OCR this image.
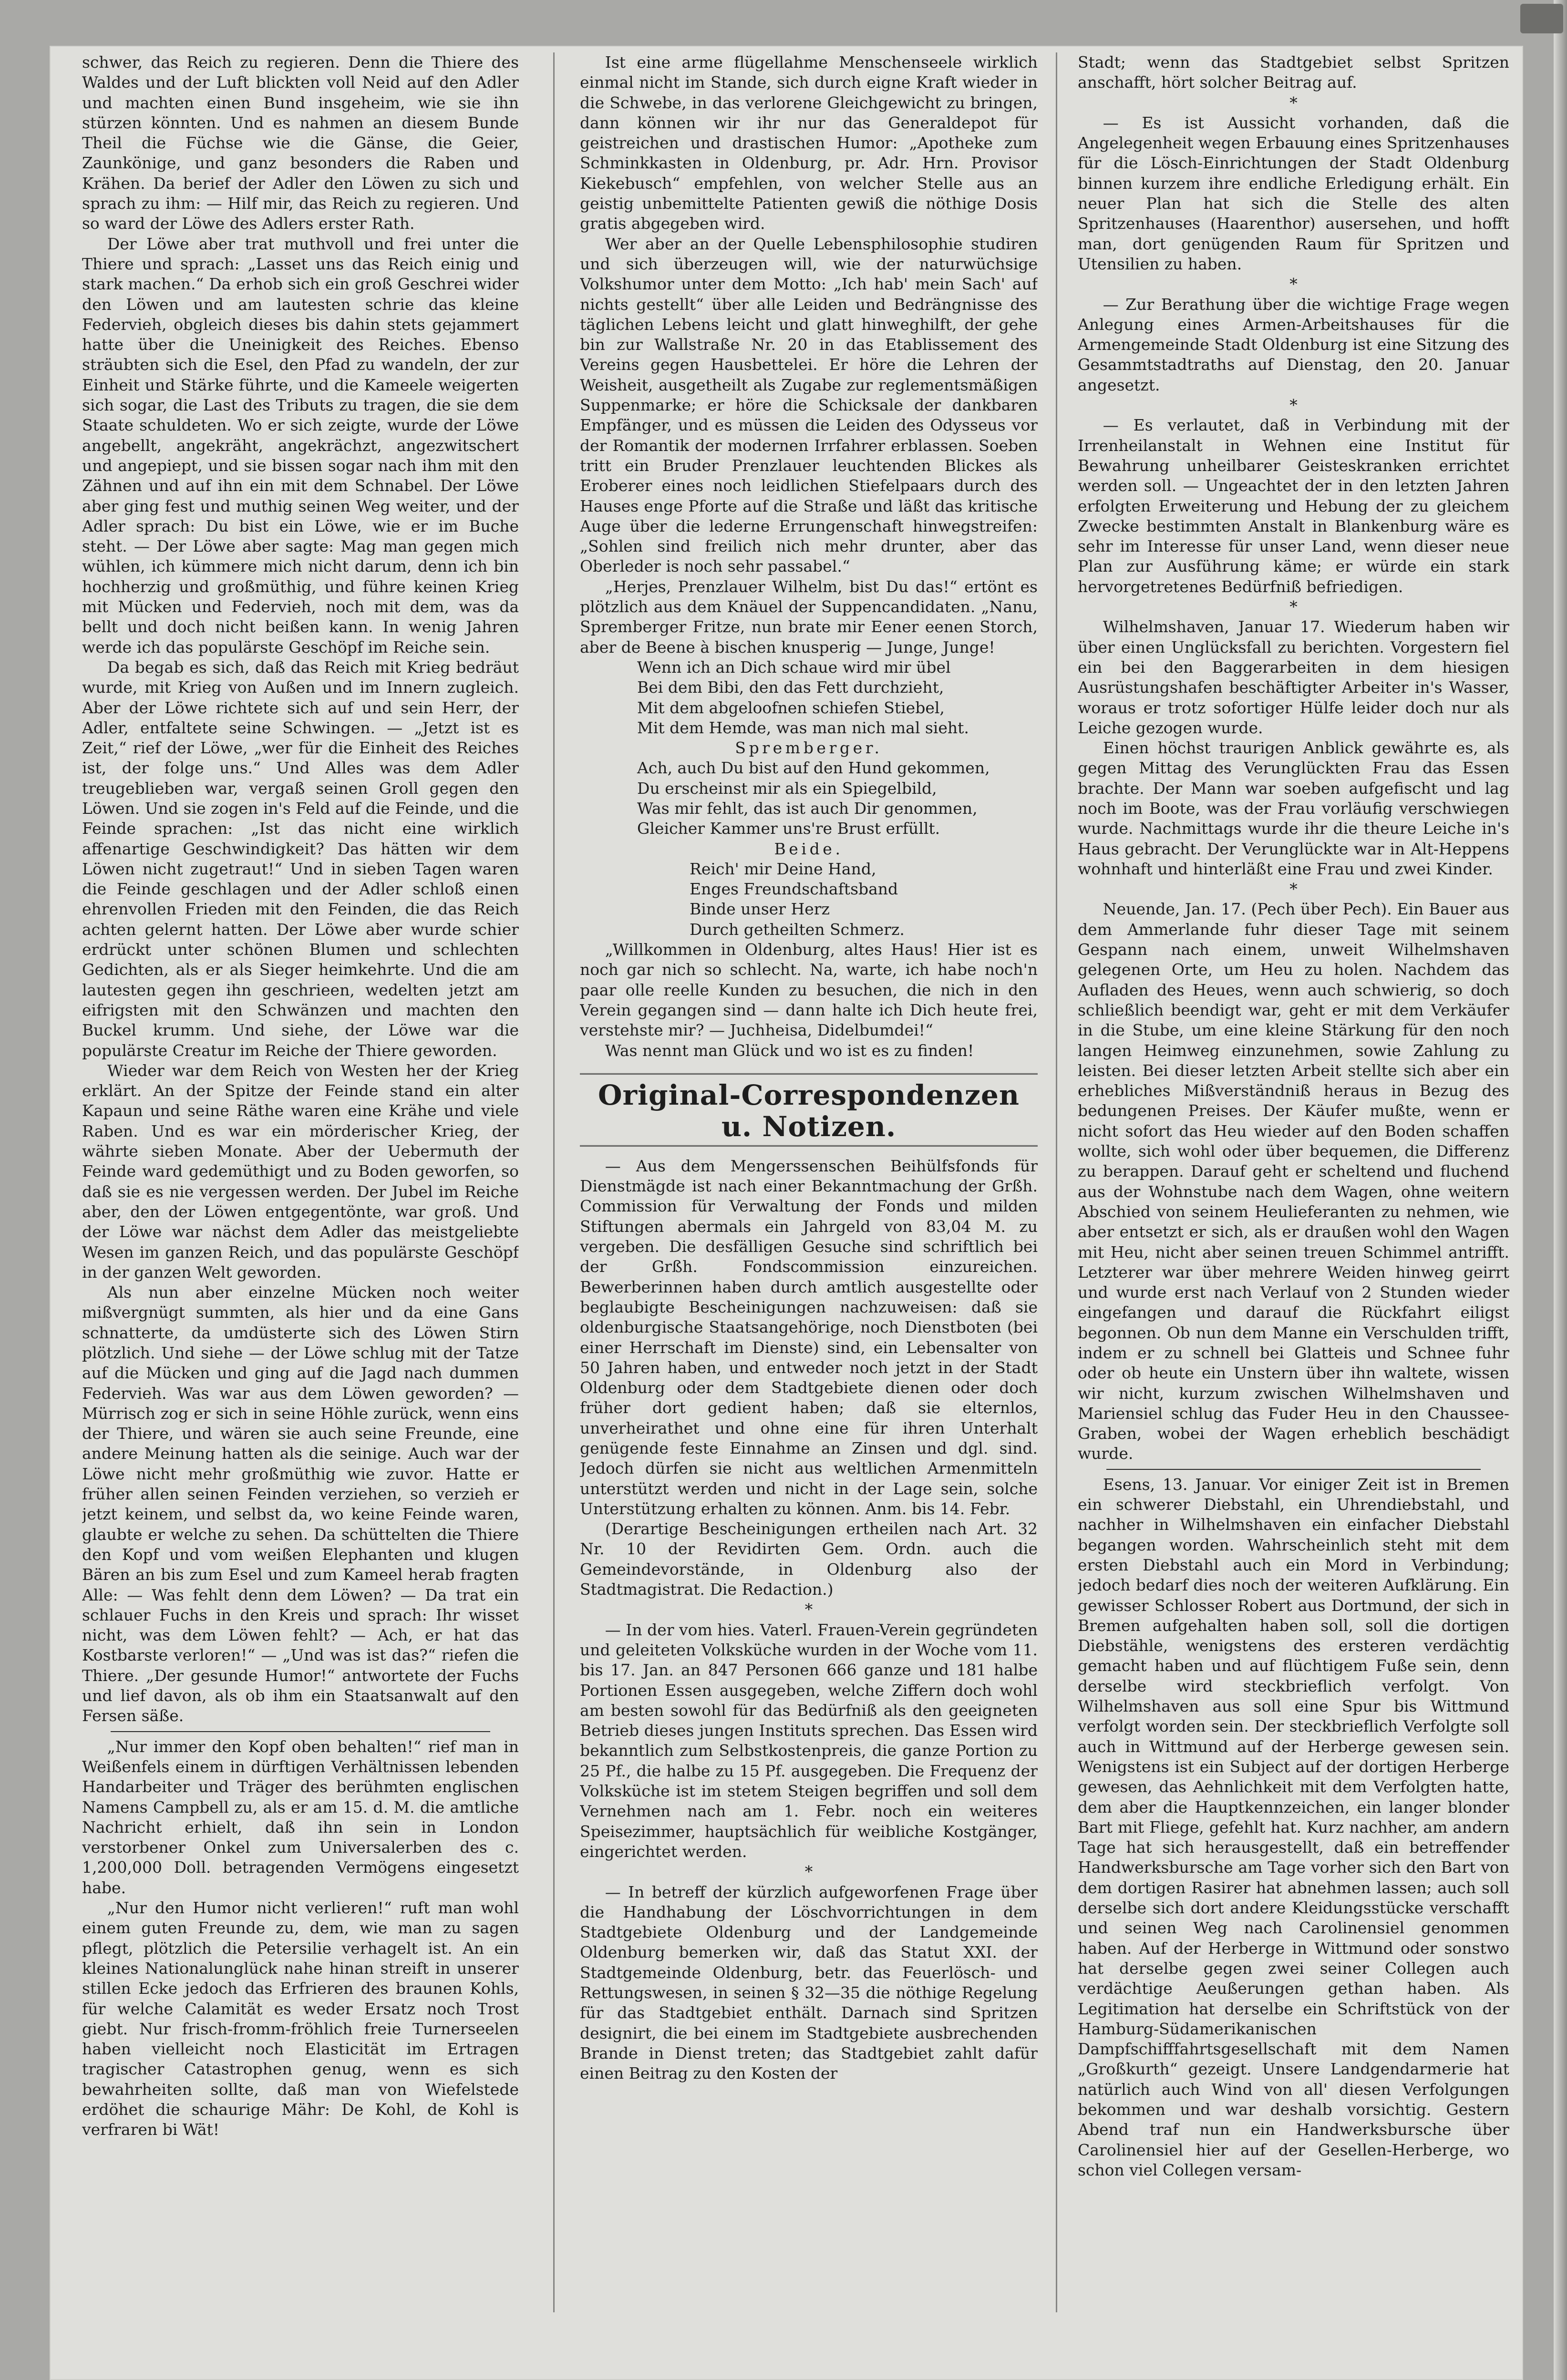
schwer, das Reich zu regieren. Denn die Thiere des Waldes und der Luft blickten voll Neid auf den Adler und machten einen Bund insgeheim, wie sie ihn stürzen könnten. Und es nahmen an diesem Bunde Theil die Füchse wie die Gänse, die Geier, Zaunkönige, und ganz besonders die Raben und Krähen. Da berief der Adler den Löwen zu sich und sprach zu ihm: — Hilf mir, das Reich zu regieren. Und so ward der Löwe des Adlers erster Rath.

Der Löwe aber trat muthvoll und frei unter die Thiere und sprach: „Lasset uns das Reich einig und stark machen.“ Da erhob sich ein groß Geschrei wider den Löwen und am lautesten schrie das kleine Federvieh, obgleich dieses bis dahin stets gejammert hatte über die Uneinigkeit des Reiches. Ebenso sträubten sich die Esel, den Pfad zu wandeln, der zur Einheit und Stärke führte, und die Kameele weigerten sich sogar, die Last des Tributs zu tragen, die sie dem Staate schuldeten. Wo er sich zeigte, wurde der Löwe angebellt, angekräht, angekrächzt, angezwitschert und angepiept, und sie bissen sogar nach ihm mit den Zähnen und auf ihn ein mit dem Schnabel. Der Löwe aber ging fest und muthig seinen Weg weiter, und der Adler sprach: Du bist ein Löwe, wie er im Buche steht. — Der Löwe aber sagte: Mag man gegen mich wühlen, ich kümmere mich nicht darum, denn ich bin hochherzig und großmüthig, und führe keinen Krieg mit Mücken und Federvieh, noch mit dem, was da bellt und doch nicht beißen kann. In wenig Jahren werde ich das populärste Geschöpf im Reiche sein.

Da begab es sich, daß das Reich mit Krieg bedräut wurde, mit Krieg von Außen und im Innern zugleich. Aber der Löwe richtete sich auf und sein Herr, der Adler, entfaltete seine Schwingen. — „Jetzt ist es Zeit,“ rief der Löwe, „wer für die Einheit des Reiches ist, der folge uns.“ Und Alles was dem Adler treugeblieben war, vergaß seinen Groll gegen den Löwen. Und sie zogen in's Feld auf die Feinde, und die Feinde sprachen: „Ist das nicht eine wirklich affenartige Geschwindigkeit? Das hätten wir dem Löwen nicht zugetraut!“ Und in sieben Tagen waren die Feinde geschlagen und der Adler schloß einen ehrenvollen Frieden mit den Feinden, die das Reich achten gelernt hatten. Der Löwe aber wurde schier erdrückt unter schönen Blumen und schlechten Gedichten, als er als Sieger heimkehrte. Und die am lautesten gegen ihn geschrieen, wedelten jetzt am eifrigsten mit den Schwänzen und machten den Buckel krumm. Und siehe, der Löwe war die populärste Creatur im Reiche der Thiere geworden.

Wieder war dem Reich von Westen her der Krieg erklärt. An der Spitze der Feinde stand ein alter Kapaun und seine Räthe waren eine Krähe und viele Raben. Und es war ein mörderischer Krieg, der währte sieben Monate. Aber der Uebermuth der Feinde ward gedemüthigt und zu Boden geworfen, so daß sie es nie vergessen werden. Der Jubel im Reiche aber, den der Löwen entgegentönte, war groß. Und der Löwe war nächst dem Adler das meistgeliebte Wesen im ganzen Reich, und das populärste Geschöpf in der ganzen Welt geworden.

Als nun aber einzelne Mücken noch weiter mißvergnügt summten, als hier und da eine Gans schnatterte, da umdüsterte sich des Löwen Stirn plötzlich. Und siehe — der Löwe schlug mit der Tatze auf die Mücken und ging auf die Jagd nach dummen Federvieh. Was war aus dem Löwen geworden? — Mürrisch zog er sich in seine Höhle zurück, wenn eins der Thiere, und wären sie auch seine Freunde, eine andere Meinung hatten als die seinige. Auch war der Löwe nicht mehr großmüthig wie zuvor. Hatte er früher allen seinen Feinden verziehen, so verzieh er jetzt keinem, und selbst da, wo keine Feinde waren, glaubte er welche zu sehen. Da schüttelten die Thiere den Kopf und vom weißen Elephanten und klugen Bären an bis zum Esel und zum Kameel herab fragten Alle: — Was fehlt denn dem Löwen? — Da trat ein schlauer Fuchs in den Kreis und sprach: Ihr wisset nicht, was dem Löwen fehlt? — Ach, er hat das Kostbarste verloren!“ — „Und was ist das?“ riefen die Thiere. „Der gesunde Humor!“ antwortete der Fuchs und lief davon, als ob ihm ein Staatsanwalt auf den Fersen säße.

„Nur immer den Kopf oben behalten!“ rief man in Weißenfels einem in dürftigen Verhältnissen lebenden Handarbeiter und Träger des berühmten englischen Namens Campbell zu, als er am 15. d. M. die amtliche Nachricht erhielt, daß ihn sein in London verstorbener Onkel zum Universalerben des c. 1,200,000 Doll. betragenden Vermögens eingesetzt habe.

„Nur den Humor nicht verlieren!“ ruft man wohl einem guten Freunde zu, dem, wie man zu sagen pflegt, plötzlich die Petersilie verhagelt ist. An ein kleines Nationalunglück nahe hinan streift in unserer stillen Ecke jedoch das Erfrieren des braunen Kohls, für welche Calamität es weder Ersatz noch Trost giebt. Nur frisch-fromm-fröhlich freie Turnerseelen haben vielleicht noch Elasticität im Ertragen tragischer Catastrophen genug, wenn es sich bewahrheiten sollte, daß man von Wiefelstede erdöhet die schaurige Mähr: De Kohl, de Kohl is verfraren bi Wät!

Ist eine arme flügellahme Menschenseele wirklich einmal nicht im Stande, sich durch eigne Kraft wieder in die Schwebe, in das verlorene Gleichgewicht zu bringen, dann können wir ihr nur das Generaldepot für geistreichen und drastischen Humor: „Apotheke zum Schminkkasten in Oldenburg, pr. Adr. Hrn. Provisor Kiekebusch“ empfehlen, von welcher Stelle aus an geistig unbemittelte Patienten gewiß die nöthige Dosis gratis abgegeben wird.

Wer aber an der Quelle Lebensphilosophie studiren und sich überzeugen will, wie der naturwüchsige Volkshumor unter dem Motto: „Ich hab' mein Sach' auf nichts gestellt“ über alle Leiden und Bedrängnisse des täglichen Lebens leicht und glatt hinweghilft, der gehe bin zur Wallstraße Nr. 20 in das Etablissement des Vereins gegen Hausbettelei. Er höre die Lehren der Weisheit, ausgetheilt als Zugabe zur reglementsmäßigen Suppenmarke; er höre die Schicksale der dankbaren Empfänger, und es müssen die Leiden des Odysseus vor der Romantik der modernen Irrfahrer erblassen. Soeben tritt ein Bruder Prenzlauer leuchtenden Blickes als Eroberer eines noch leidlichen Stiefelpaars durch des Hauses enge Pforte auf die Straße und läßt das kritische Auge über die lederne Errungenschaft hinwegstreifen: „Sohlen sind freilich nich mehr drunter, aber das Oberleder is noch sehr passabel.“

„Herjes, Prenzlauer Wilhelm, bist Du das!“ ertönt es plötzlich aus dem Knäuel der Suppencandidaten. „Nanu, Spremberger Fritze, nun brate mir Eener eenen Storch, aber de Beene à bischen knusperig — Junge, Junge!

Wenn ich an Dich schaue wird mir übel
Bei dem Bibi, den das Fett durchzieht,
Mit dem abgeloofnen schiefen Stiebel,
Mit dem Hemde, was man nich mal sieht.
Spremberger.
Ach, auch Du bist auf den Hund gekommen,
Du erscheinst mir als ein Spiegelbild,
Was mir fehlt, das ist auch Dir genommen,
Gleicher Kammer uns're Brust erfüllt.
Beide.
Reich' mir Deine Hand,
Enges Freundschaftsband
Binde unser Herz
Durch getheilten Schmerz.

„Willkommen in Oldenburg, altes Haus! Hier ist es noch gar nich so schlecht. Na, warte, ich habe noch'n paar olle reelle Kunden zu besuchen, die nich in den Verein gegangen sind — dann halte ich Dich heute frei, verstehste mir? — Juchheisa, Didelbumdei!“

Was nennt man Glück und wo ist es zu finden!

Original-Correspondenzen u. Notizen.

— Aus dem Mengerssenschen Beihülfsfonds für Dienstmägde ist nach einer Bekanntmachung der Grßh. Commission für Verwaltung der Fonds und milden Stiftungen abermals ein Jahrgeld von 83,04 M. zu vergeben. Die desfälligen Gesuche sind schriftlich bei der Grßh. Fondscommission einzureichen. Bewerberinnen haben durch amtlich ausgestellte oder beglaubigte Bescheinigungen nachzuweisen: daß sie oldenburgische Staatsangehörige, noch Dienstboten (bei einer Herrschaft im Dienste) sind, ein Lebensalter von 50 Jahren haben, und entweder noch jetzt in der Stadt Oldenburg oder dem Stadtgebiete dienen oder doch früher dort gedient haben; daß sie elternlos, unverheirathet und ohne eine für ihren Unterhalt genügende feste Einnahme an Zinsen und dgl. sind. Jedoch dürfen sie nicht aus weltlichen Armenmitteln unterstützt werden und nicht in der Lage sein, solche Unterstützung erhalten zu können. Anm. bis 14. Febr.

(Derartige Bescheinigungen ertheilen nach Art. 32 Nr. 10 der Revidirten Gem. Ordn. auch die Gemeindevorstände, in Oldenburg also der Stadtmagistrat. Die Redaction.)

*

— In der vom hies. Vaterl. Frauen-Verein gegründeten und geleiteten Volksküche wurden in der Woche vom 11. bis 17. Jan. an 847 Personen 666 ganze und 181 halbe Portionen Essen ausgegeben, welche Ziffern doch wohl am besten sowohl für das Bedürfniß als den geeigneten Betrieb dieses jungen Instituts sprechen. Das Essen wird bekanntlich zum Selbstkostenpreis, die ganze Portion zu 25 Pf., die halbe zu 15 Pf. ausgegeben. Die Frequenz der Volksküche ist im stetem Steigen begriffen und soll dem Vernehmen nach am 1. Febr. noch ein weiteres Speisezimmer, hauptsächlich für weibliche Kostgänger, eingerichtet werden.

*

— In betreff der kürzlich aufgeworfenen Frage über die Handhabung der Löschvorrichtungen in dem Stadtgebiete Oldenburg und der Landgemeinde Oldenburg bemerken wir, daß das Statut XXI. der Stadtgemeinde Oldenburg, betr. das Feuerlösch- und Rettungswesen, in seinen § 32—35 die nöthige Regelung für das Stadtgebiet enthält. Darnach sind Spritzen designirt, die bei einem im Stadtgebiete ausbrechenden Brande in Dienst treten; das Stadtgebiet zahlt dafür einen Beitrag zu den Kosten der

Stadt; wenn das Stadtgebiet selbst Spritzen anschafft, hört solcher Beitrag auf.

*

— Es ist Aussicht vorhanden, daß die Angelegenheit wegen Erbauung eines Spritzenhauses für die Lösch-Einrichtungen der Stadt Oldenburg binnen kurzem ihre endliche Erledigung erhält. Ein neuer Plan hat sich die Stelle des alten Spritzenhauses (Haarenthor) ausersehen, und hofft man, dort genügenden Raum für Spritzen und Utensilien zu haben.

*

— Zur Berathung über die wichtige Frage wegen Anlegung eines Armen-Arbeitshauses für die Armengemeinde Stadt Oldenburg ist eine Sitzung des Gesammtstadtraths auf Dienstag, den 20. Januar angesetzt.

*

— Es verlautet, daß in Verbindung mit der Irrenheilanstalt in Wehnen eine Institut für Bewahrung unheilbarer Geisteskranken errichtet werden soll. — Ungeachtet der in den letzten Jahren erfolgten Erweiterung und Hebung der zu gleichem Zwecke bestimmten Anstalt in Blankenburg wäre es sehr im Interesse für unser Land, wenn dieser neue Plan zur Ausführung käme; er würde ein stark hervorgetretenes Bedürfniß befriedigen.

*

Wilhelmshaven, Januar 17. Wiederum haben wir über einen Unglücksfall zu berichten. Vorgestern fiel ein bei den Baggerarbeiten in dem hiesigen Ausrüstungshafen beschäftigter Arbeiter in's Wasser, woraus er trotz sofortiger Hülfe leider doch nur als Leiche gezogen wurde.

Einen höchst traurigen Anblick gewährte es, als gegen Mittag des Verunglückten Frau das Essen brachte. Der Mann war soeben aufgefischt und lag noch im Boote, was der Frau vorläufig verschwiegen wurde. Nachmittags wurde ihr die theure Leiche in's Haus gebracht. Der Verunglückte war in Alt-Heppens wohnhaft und hinterläßt eine Frau und zwei Kinder.

*

Neuende, Jan. 17. (Pech über Pech). Ein Bauer aus dem Ammerlande fuhr dieser Tage mit seinem Gespann nach einem, unweit Wilhelmshaven gelegenen Orte, um Heu zu holen. Nachdem das Aufladen des Heues, wenn auch schwierig, so doch schließlich beendigt war, geht er mit dem Verkäufer in die Stube, um eine kleine Stärkung für den noch langen Heimweg einzunehmen, sowie Zahlung zu leisten. Bei dieser letzten Arbeit stellte sich aber ein erhebliches Mißverständniß heraus in Bezug des bedungenen Preises. Der Käufer mußte, wenn er nicht sofort das Heu wieder auf den Boden schaffen wollte, sich wohl oder über bequemen, die Differenz zu berappen. Darauf geht er scheltend und fluchend aus der Wohnstube nach dem Wagen, ohne weitern Abschied von seinem Heulieferanten zu nehmen, wie aber entsetzt er sich, als er draußen wohl den Wagen mit Heu, nicht aber seinen treuen Schimmel antrifft. Letzterer war über mehrere Weiden hinweg geirrt und wurde erst nach Verlauf von 2 Stunden wieder eingefangen und darauf die Rückfahrt eiligst begonnen. Ob nun dem Manne ein Verschulden trifft, indem er zu schnell bei Glatteis und Schnee fuhr oder ob heute ein Unstern über ihn waltete, wissen wir nicht, kurzum zwischen Wilhelmshaven und Mariensiel schlug das Fuder Heu in den Chaussee-Graben, wobei der Wagen erheblich beschädigt wurde.

Esens, 13. Januar. Vor einiger Zeit ist in Bremen ein schwerer Diebstahl, ein Uhrendiebstahl, und nachher in Wilhelmshaven ein einfacher Diebstahl begangen worden. Wahrscheinlich steht mit dem ersten Diebstahl auch ein Mord in Verbindung; jedoch bedarf dies noch der weiteren Aufklärung. Ein gewisser Schlosser Robert aus Dortmund, der sich in Bremen aufgehalten haben soll, soll die dortigen Diebstähle, wenigstens des ersteren verdächtig gemacht haben und auf flüchtigem Fuße sein, denn derselbe wird steckbrieflich verfolgt. Von Wilhelmshaven aus soll eine Spur bis Wittmund verfolgt worden sein. Der steckbrieflich Verfolgte soll auch in Wittmund auf der Herberge gewesen sein. Wenigstens ist ein Subject auf der dortigen Herberge gewesen, das Aehnlichkeit mit dem Verfolgten hatte, dem aber die Hauptkennzeichen, ein langer blonder Bart mit Fliege, gefehlt hat. Kurz nachher, am andern Tage hat sich herausgestellt, daß ein betreffender Handwerksbursche am Tage vorher sich den Bart von dem dortigen Rasirer hat abnehmen lassen; auch soll derselbe sich dort andere Kleidungsstücke verschafft und seinen Weg nach Carolinensiel genommen haben. Auf der Herberge in Wittmund oder sonstwo hat derselbe gegen zwei seiner Collegen auch verdächtige Aeußerungen gethan haben. Als Legitimation hat derselbe ein Schriftstück von der Hamburg-Südamerikanischen Dampfschifffahrtsgesellschaft mit dem Namen „Großkurth“ gezeigt. Unsere Landgendarmerie hat natürlich auch Wind von all' diesen Verfolgungen bekommen und war deshalb vorsichtig. Gestern Abend traf nun ein Handwerksbursche über Carolinensiel hier auf der Gesellen-Herberge, wo schon viel Collegen versam-
